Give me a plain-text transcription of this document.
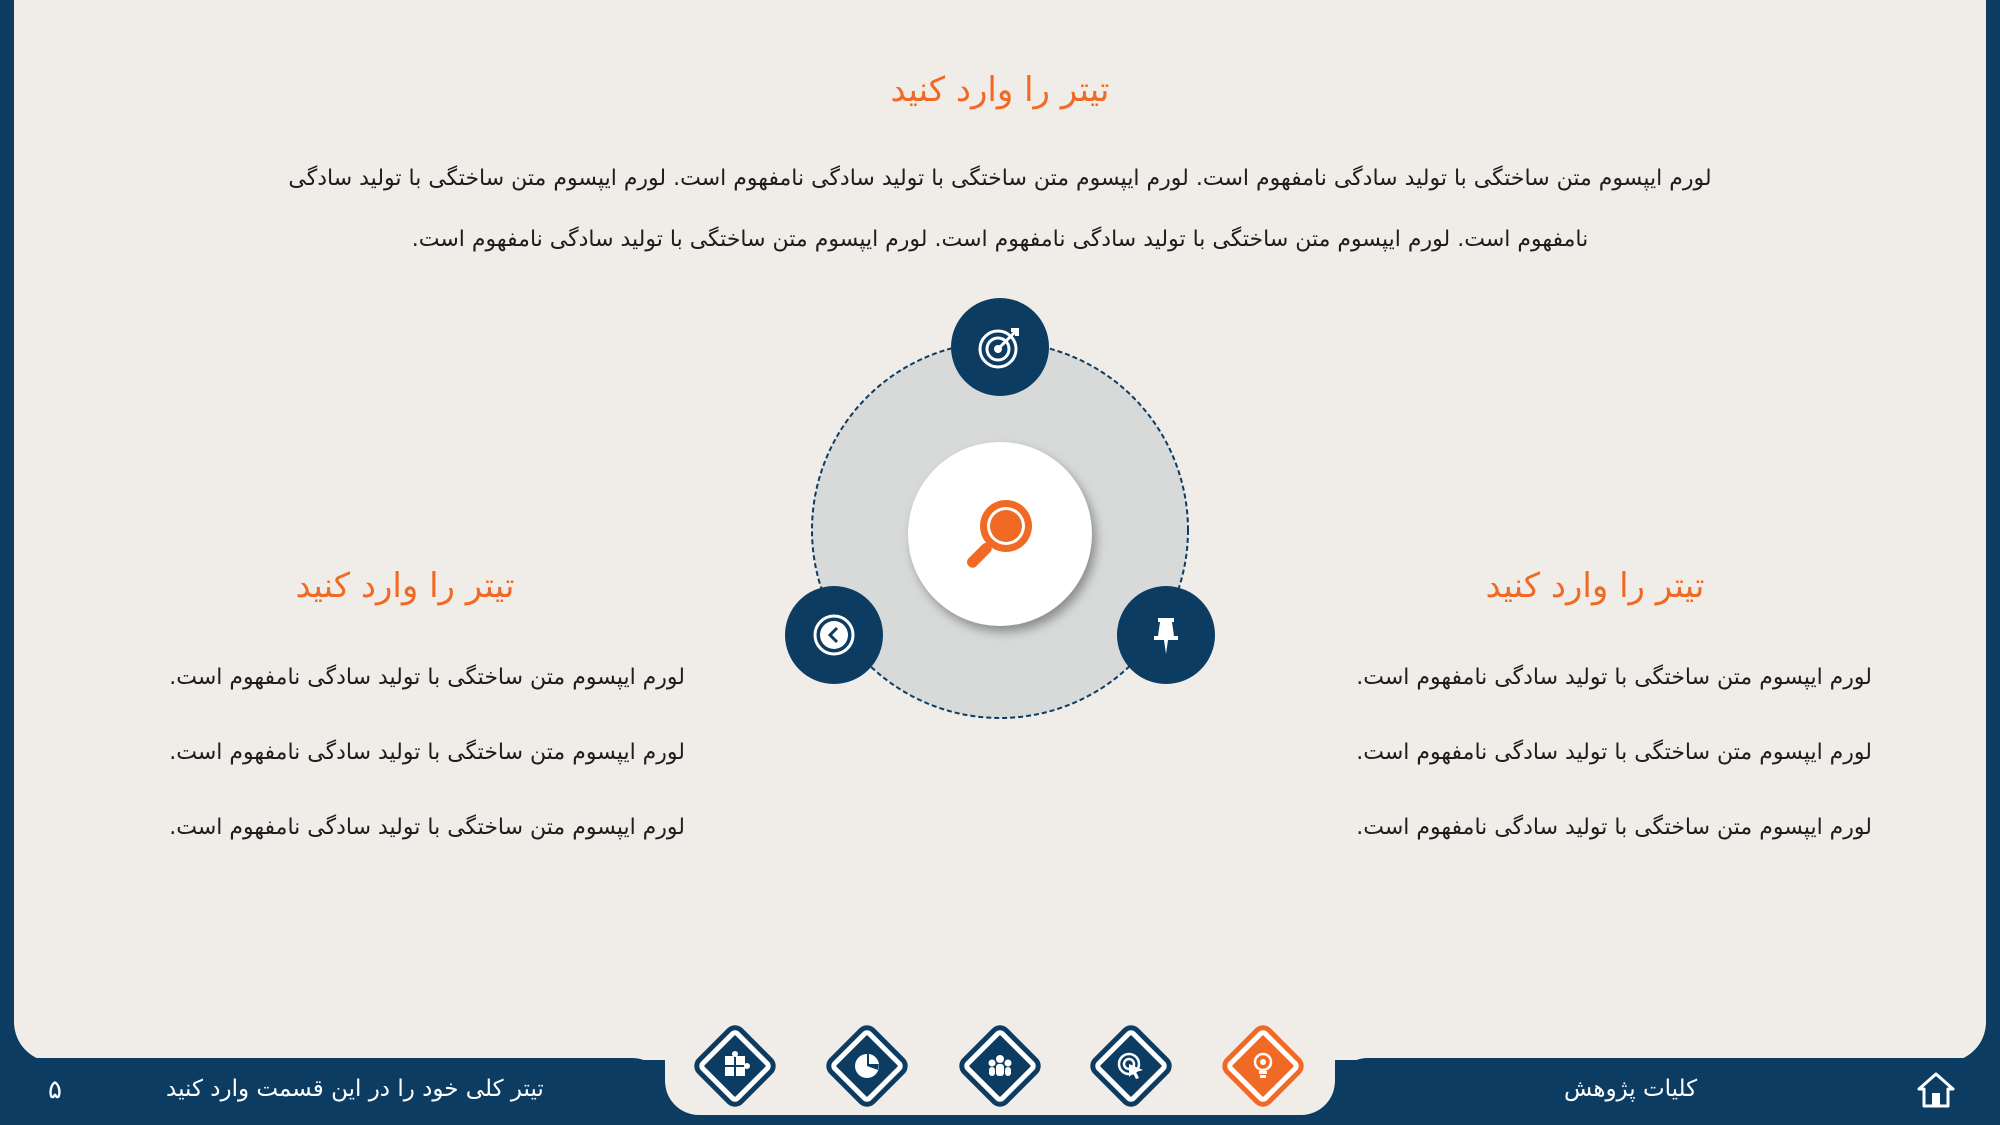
تیتر را وارد کنید
لورم ایپسوم متن ساختگی با تولید سادگی نامفهوم است. لورم ایپسوم متن ساختگی با تولید سادگی نامفهوم است. لورم ایپسوم متن ساختگی با تولید سادگی
نامفهوم است. لورم ایپسوم متن ساختگی با تولید سادگی نامفهوم است. لورم ایپسوم متن ساختگی با تولید سادگی نامفهوم است.
تیتر را وارد کنید
لورم ایپسوم متن ساختگی با تولید سادگی نامفهوم است.
لورم ایپسوم متن ساختگی با تولید سادگی نامفهوم است.
لورم ایپسوم متن ساختگی با تولید سادگی نامفهوم است.
تیتر را وارد کنید
لورم ایپسوم متن ساختگی با تولید سادگی نامفهوم است.
لورم ایپسوم متن ساختگی با تولید سادگی نامفهوم است.
لورم ایپسوم متن ساختگی با تولید سادگی نامفهوم است.
۵	تیتر کلی خود را در این قسمت وارد کنید	کلیات پژوهش
